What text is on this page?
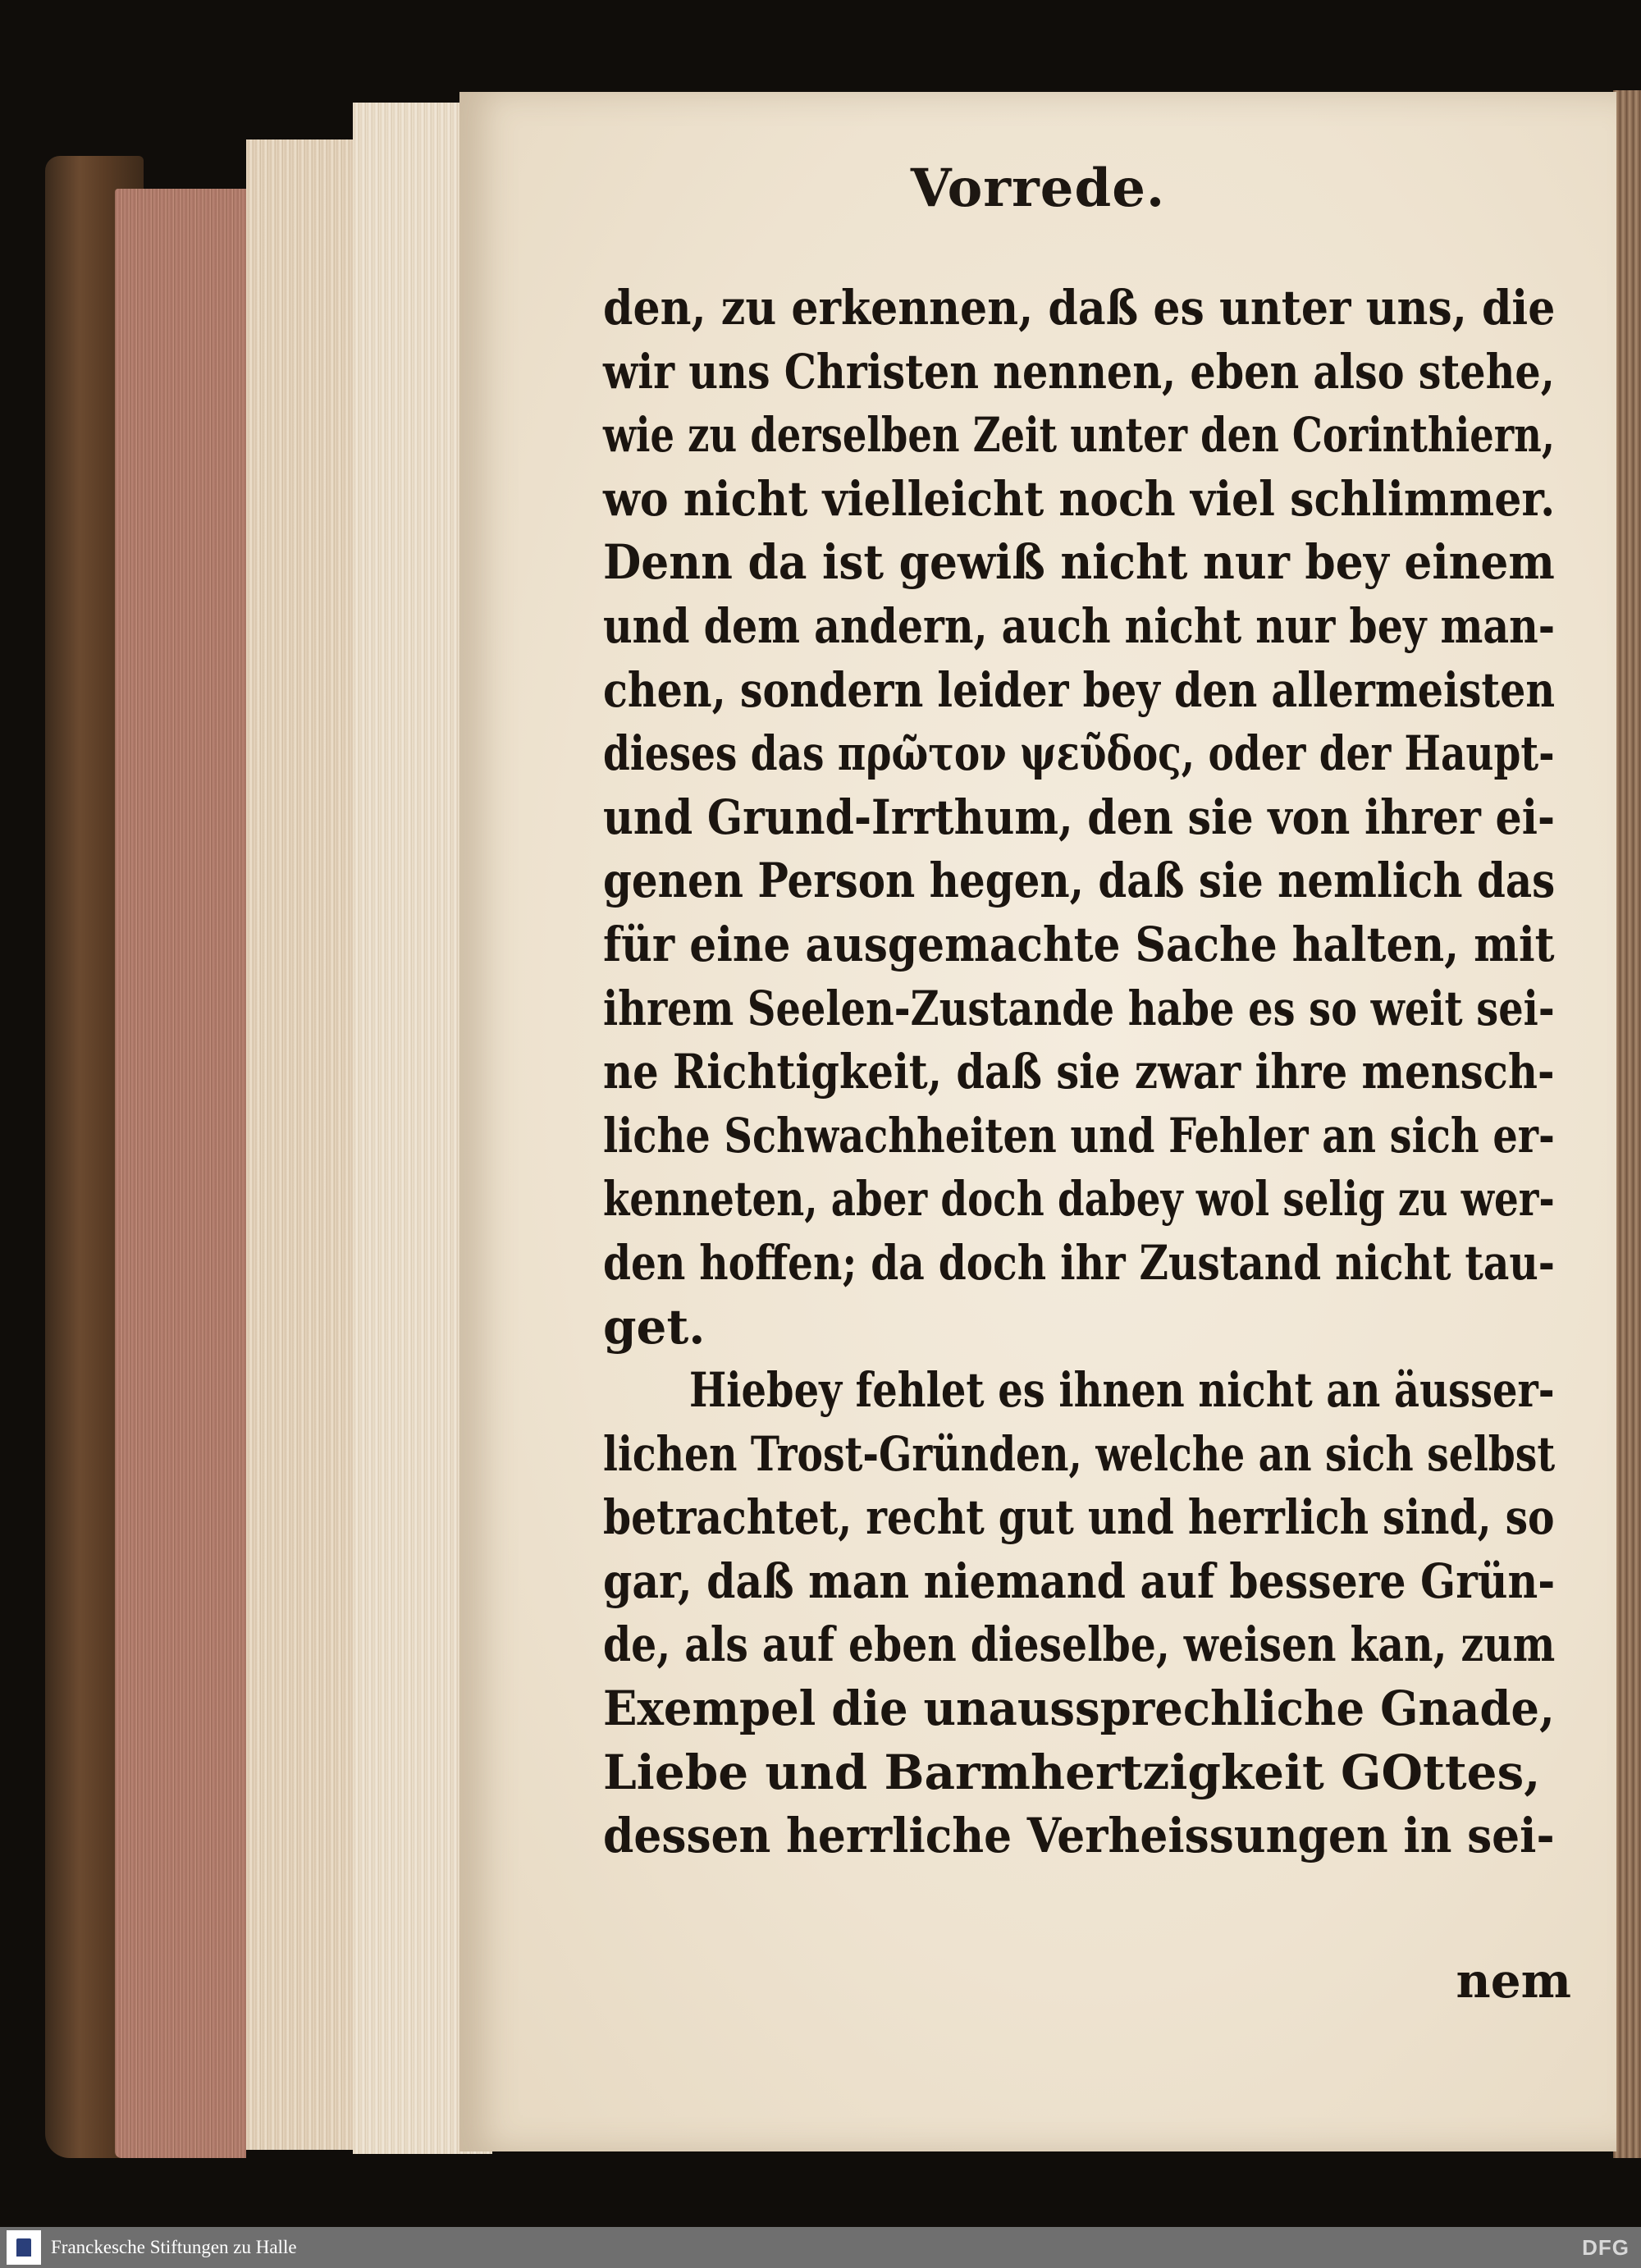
Vorrede.
den, zu erkennen, daß es unter uns, die
wir uns Christen nennen, eben also stehe,
wie zu derselben Zeit unter den Corinthiern,
wo nicht vielleicht noch viel schlimmer.
Denn da ist gewiß nicht nur bey einem
und dem andern, auch nicht nur bey man-
chen, sondern leider bey den allermeisten
dieses das πρῶτον ψεῦδος, oder der Haupt-
und Grund-Irrthum, den sie von ihrer ei-
genen Person hegen, daß sie nemlich das
für eine ausgemachte Sache halten, mit
ihrem Seelen-Zustande habe es so weit sei-
ne Richtigkeit, daß sie zwar ihre mensch-
liche Schwachheiten und Fehler an sich er-
kenneten, aber doch dabey wol selig zu wer-
den hoffen; da doch ihr Zustand nicht tau-
get.
Hiebey fehlet es ihnen nicht an äusser-
lichen Trost-Gründen, welche an sich selbst
betrachtet, recht gut und herrlich sind, so
gar, daß man niemand auf bessere Grün-
de, als auf eben dieselbe, weisen kan, zum
Exempel die unaussprechliche Gnade,
Liebe und Barmhertzigkeit GOttes,
dessen herrliche Verheissungen in sei-
nem
Franckesche Stiftungen zu Halle	DFG
